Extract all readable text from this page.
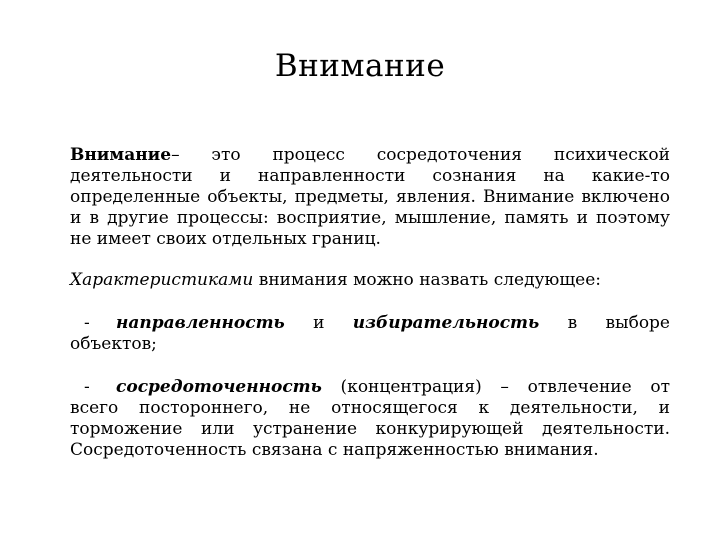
Внимание

Внимание– это процесс сосредоточения психической деятельности и направленности сознания на какие-то определенные объекты, предметы, явления. Внимание включено и в другие процессы: восприятие, мышление, память и поэтому не имеет своих отдельных границ.

Характеристиками внимания можно назвать следующее:

- направленность и избирательность в выборе объектов;

- сосредоточенность (концентрация) – отвлечение от всего постороннего, не относящегося к деятельности, и торможение или устранение конкурирующей деятельности. Сосредоточенность связана с напряженностью внимания.
